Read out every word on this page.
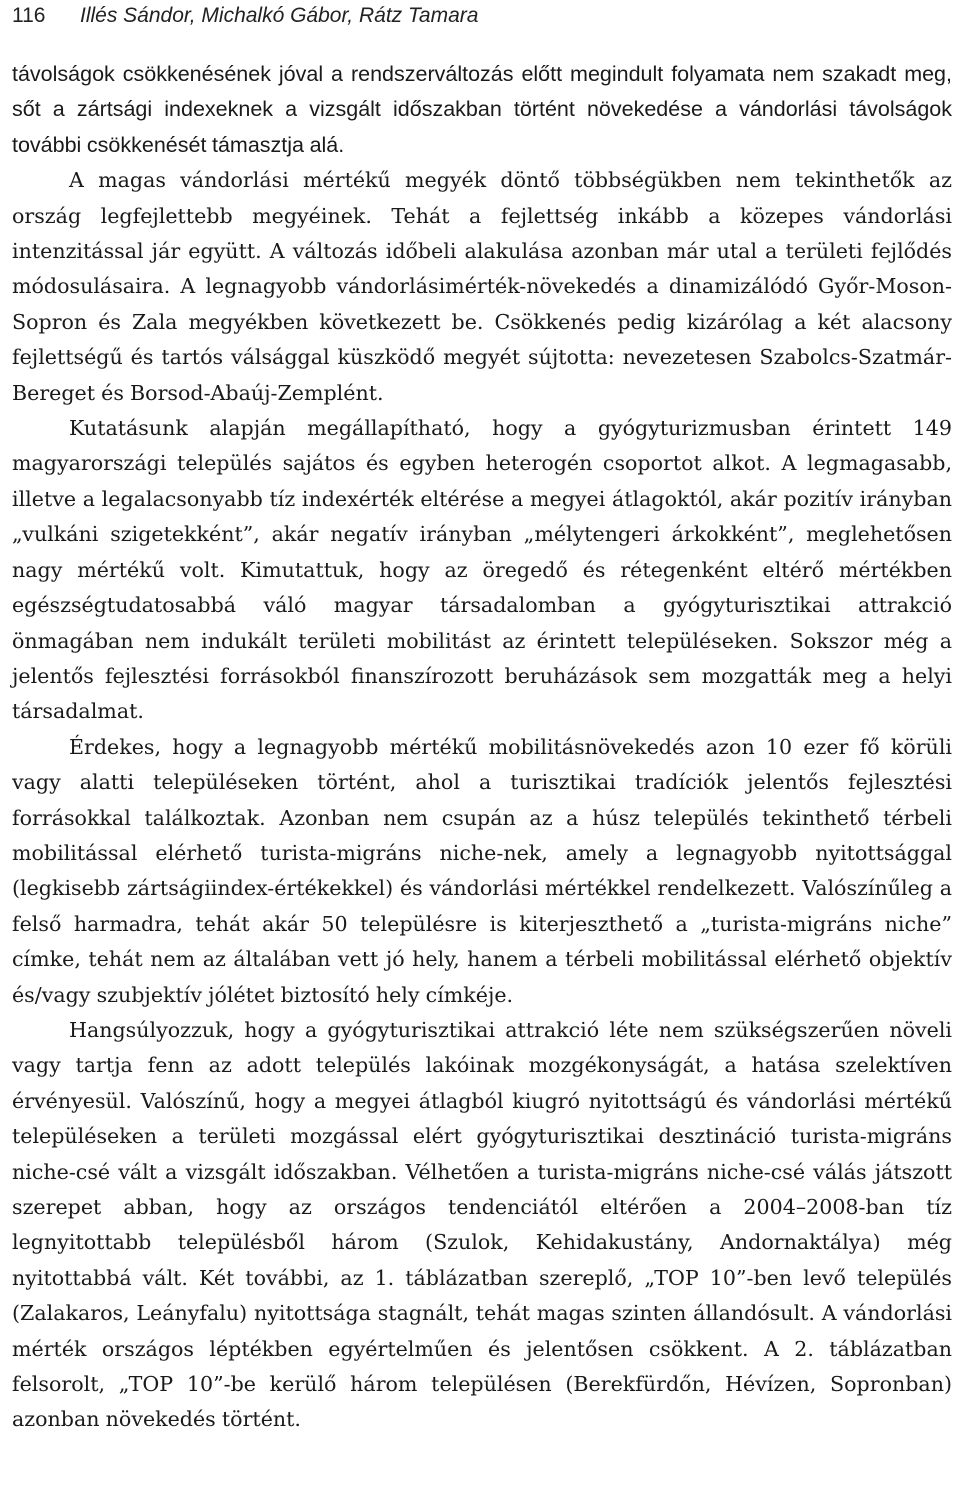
116 Illés Sándor, Michalkó Gábor, Rátz Tamara

távolságok csökkenésének jóval a rendszerváltozás előtt megindult folyamata nem szakadt meg, sőt a zártsági indexeknek a vizsgált időszakban történt növekedése a vándorlási távolságok további csökkenését támasztja alá.

A magas vándorlási mértékű megyék döntő többségükben nem tekinthetők az ország legfejlettebb megyéinek. Tehát a fejlettség inkább a közepes vándorlási intenzitással jár együtt. A változás időbeli alakulása azonban már utal a területi fejlődés módosulásaira. A legnagyobb vándorlásimérték-növekedés a dinamizálódó Győr-Moson-Sopron és Zala megyékben következett be. Csökkenés pedig kizárólag a két alacsony fejlettségű és tartós válsággal küszködő megyét sújtotta: nevezetesen Szabolcs-Szatmár-Bereget és Borsod-Abaúj-Zemplént.

Kutatásunk alapján megállapítható, hogy a gyógyturizmusban érintett 149 magyarországi település sajátos és egyben heterogén csoportot alkot. A legmagasabb, illetve a legalacsonyabb tíz indexérték eltérése a megyei átlagoktól, akár pozitív irányban „vulkáni szigetekként”, akár negatív irányban „mélytengeri árkokként”, meglehetősen nagy mértékű volt. Kimutattuk, hogy az öregedő és rétegenként eltérő mértékben egészségtudatosabbá váló magyar társadalomban a gyógyturisztikai attrakció önmagában nem indukált területi mobilitást az érintett településeken. Sokszor még a jelentős fejlesztési forrásokból finanszírozott beruházások sem mozgatták meg a helyi társadalmat.

Érdekes, hogy a legnagyobb mértékű mobilitásnövekedés azon 10 ezer fő körüli vagy alatti településeken történt, ahol a turisztikai tradíciók jelentős fejlesztési forrásokkal találkoztak. Azonban nem csupán az a húsz település tekinthető térbeli mobilitással elérhető turista-migráns niche-nek, amely a legnagyobb nyitottsággal (legkisebb zártságiindex-értékekkel) és vándorlási mértékkel rendelkezett. Valószínűleg a felső harmadra, tehát akár 50 településre is kiterjeszthető a „turista-migráns niche” címke, tehát nem az általában vett jó hely, hanem a térbeli mobilitással elérhető objektív és/vagy szubjektív jólétet biztosító hely címkéje.

Hangsúlyozzuk, hogy a gyógyturisztikai attrakció léte nem szükségszerűen növeli vagy tartja fenn az adott település lakóinak mozgékonyságát, a hatása szelektíven érvényesül. Valószínű, hogy a megyei átlagból kiugró nyitottságú és vándorlási mértékű településeken a területi mozgással elért gyógyturisztikai desztináció turista-migráns niche-csé vált a vizsgált időszakban. Vélhetően a turista-migráns niche-csé válás játszott szerepet abban, hogy az országos tendenciától eltérően a 2004–2008-ban tíz legnyitottabb településből három (Szulok, Kehidakustány, Andornaktálya) még nyitottabbá vált. Két további, az 1. táblázatban szereplő, „TOP 10”-ben levő település (Zalakaros, Leányfalu) nyitottsága stagnált, tehát magas szinten állandósult. A vándorlási mérték országos léptékben egyértelműen és jelentősen csökkent. A 2. táblázatban felsorolt, „TOP 10”-be kerülő három településen (Berekfürdőn, Hévízen, Sopronban) azonban növekedés történt.
